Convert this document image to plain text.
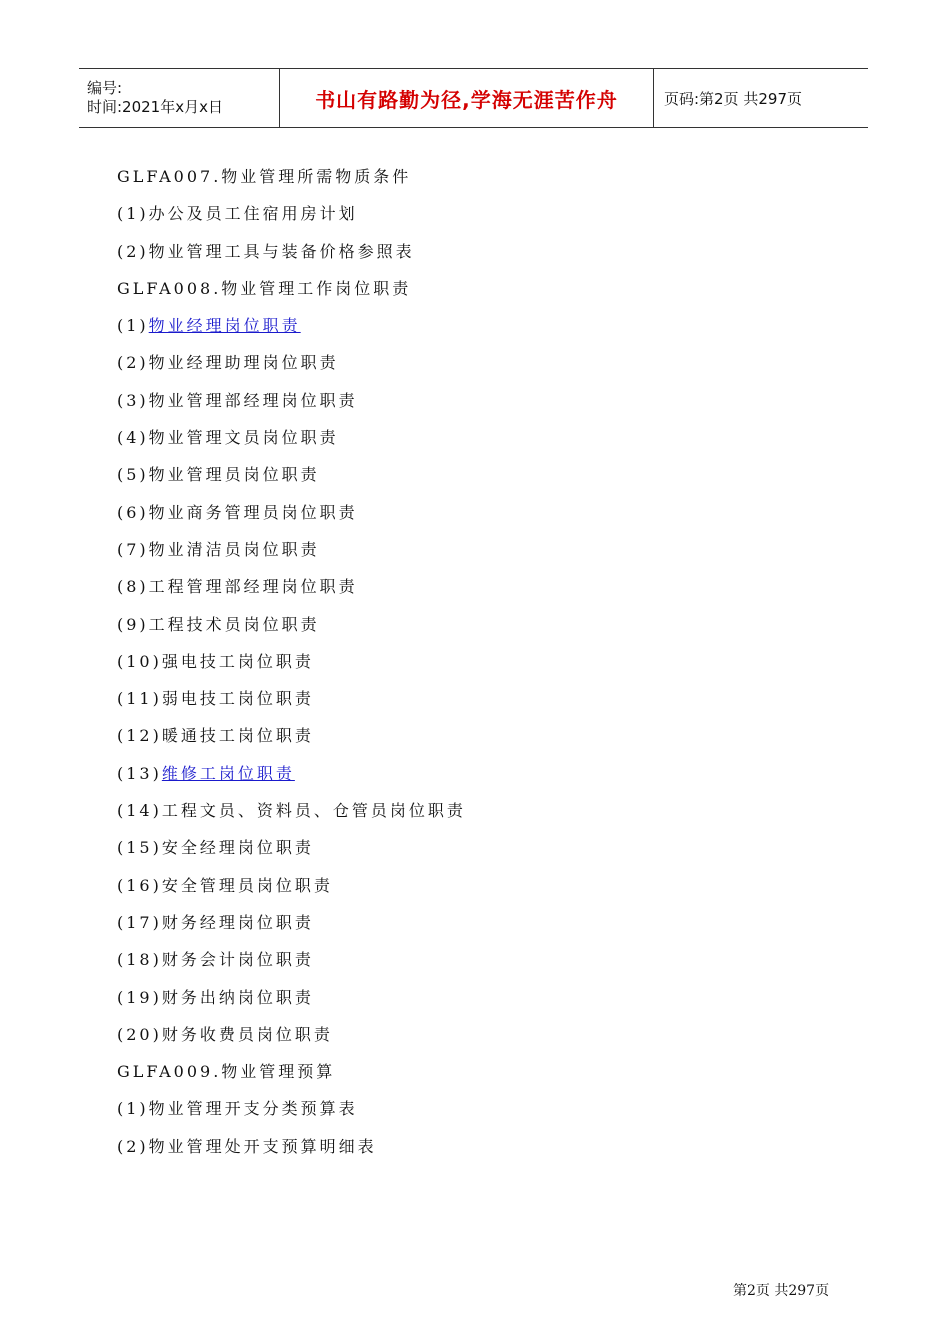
编号:
时间:2021年x月x日	书山有路勤为径,学海无涯苦作舟	页码:第2页 共297页
GLFA007.物业管理所需物质条件
(1)办公及员工住宿用房计划
(2)物业管理工具与装备价格参照表
GLFA008.物业管理工作岗位职责
(1)物业经理岗位职责
(2)物业经理助理岗位职责
(3)物业管理部经理岗位职责
(4)物业管理文员岗位职责
(5)物业管理员岗位职责
(6)物业商务管理员岗位职责
(7)物业清洁员岗位职责
(8)工程管理部经理岗位职责
(9)工程技术员岗位职责
(10)强电技工岗位职责
(11)弱电技工岗位职责
(12)暖通技工岗位职责
(13)维修工岗位职责
(14)工程文员、资料员、仓管员岗位职责
(15)安全经理岗位职责
(16)安全管理员岗位职责
(17)财务经理岗位职责
(18)财务会计岗位职责
(19)财务出纳岗位职责
(20)财务收费员岗位职责
GLFA009.物业管理预算
(1)物业管理开支分类预算表
(2)物业管理处开支预算明细表
第2页 共297页
